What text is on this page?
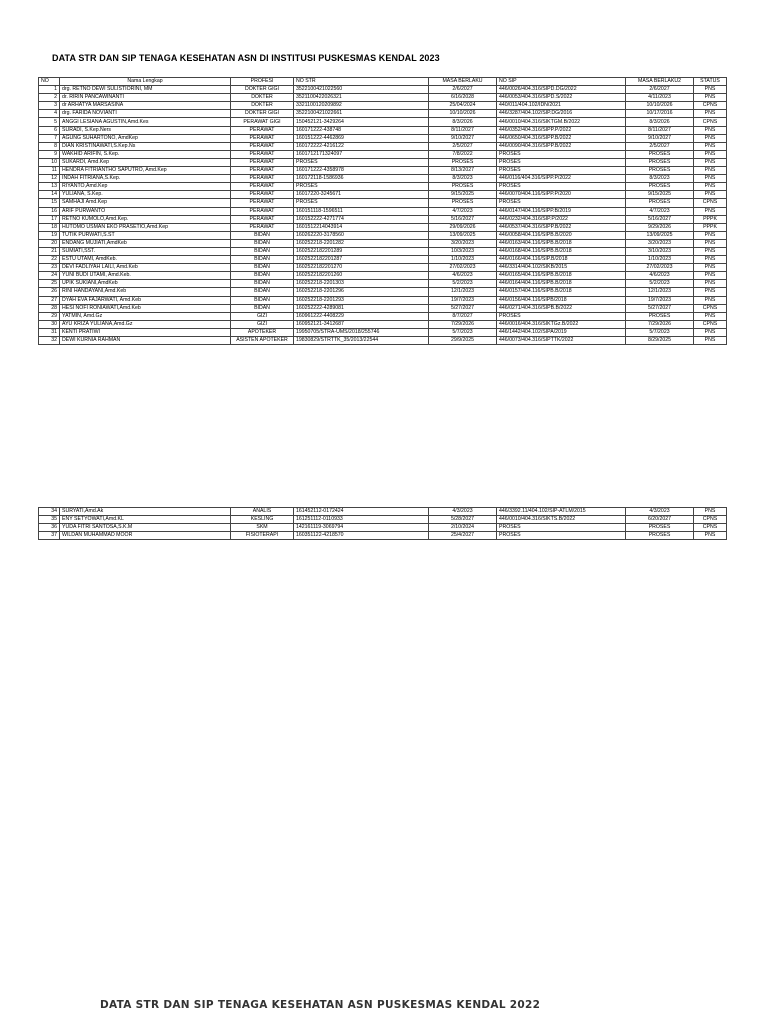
DATA STR DAN SIP TENAGA KESEHATAN ASN DI INSTITUSI PUSKESMAS KENDAL 2023
NO	Nama Lengkap	PROFESI	NO STR	MASA BERLAKU	NO SIP	MASA BERLAKU2	STATUS
1	drg. RETNO DEWI SULISTIORINI, MM	DOKTER GIGI	3522100421022560	2/6/2027	446/0026/404.316/SIPD.DG/2022	2/6/2027	PNS
2	dr. RIRIN PANCAWINANTI	DOKTER	3521100422026321	6/16/2028	446/0053/404.316/SIPD.S/2022	4/11/2023	PNS
3	dr ARHATYA MARSASINA	DOKTER	3321100120209892	25/04/2024	440/011/404.102/IDN/2021	10/10/2026	CPNS
4	drg. FARIDA NOVIANTI	DOKTER GIGI	3522100421022661	10/10/2026	446/3287/404.102/SIP.DG/2016	10/17/2016	PNS
5	ANGGI LESIANA AGUSTIN,Amd.Kes	PERAWAT GIGI	150452121-3429264	8/3/2026	446/0010/404.316/SIKTGM.B/2022	8/3/2026	CPNS
6	SURADI, S.Kep.Ners	PERAWAT	160171222-438748	8/11/2027	446/0352/404.316/SIPP.P/2022	8/11/2027	PNS
7	AGUNG SUHARTONO, AmdKep	PERAWAT	160151222-4462869	9/10/2027	446/0650/404.316/SIPP.B/2022	9/10/2027	PNS
8	DIAN KRISTINAWATI,S.Kep.Ns	PERAWAT	160172222-4216122	2/5/2027	446/0090/404.316/SIPP.B/2022	2/5/2027	PNS
9	WAKHID ARIFIN, S.Kep.	PERAWAT	1601712171324097	7/8/2022	PROSES	PROSES	PNS
10	SUKARDI, Amd.Kep	PERAWAT	PROSES	PROSES	PROSES	PROSES	PNS
11	HENDRA FITRIANTHO SAPUTRO, Amd.Kep	PERAWAT	160171222-4358978	8/13/2027	PROSES	PROSES	PNS
12	INDAH FITRIANA,S.Kep.	PERAWAT	160172118-1586936	8/3/2023	446/0116/404.316/SIPP.P/2022	8/3/2023	PNS
13	RIYANTO,Amd.Kep	PERAWAT	PROSES	PROSES	PROSES	PROSES	PNS
14	YULIANA, S.Kep.	PERAWAT	16017220-3245671	9/15/2025	446/0070/404.116/SIPP.P/2020	9/15/2025	PNS
15	SAMHAJI Amd.Kep	PERAWAT	PROSES	PROSES	PROSES	PROSES	CPNS
16	ARIF PURWANTO	PERAWAT	160151118-1596511	4/7/2023	446/0147/404.116/SIPP.B/2019	4/7/2023	PNS
17	RETNO KUMOLO,Amd.Kep.	PERAWAT	160152222-4271774	5/16/2027	446/0232/404.316/SIP.P/2022	5/16/2027	PPPK
18	HUTOMO USMAN EKO PRASETIO,Amd.Kep	PERAWAT	1601512214043914	29/09/2026	446/0537/404.316/SIPP.B/2022	9/29/2026	PPPK
19	TUTIK PURWATI,S.ST	BIDAN	160262220-3178560	13/09/2025	446/0058/404.116/SIPB.B/2020	13/09/2025	PNS
20	ENDANG MUJIATI,AmdKeb	BIDAN	160252218-2201282	3/20/2023	446/0163/404.116/SIPB.B/2018	3/20/2023	PNS
21	SUMIATI,SST.	BIDAN	1602522182201289	10/3/2023	446/0168/404.116/SIPB.B/2018	3/10/2023	PNS
22	ESTU UTAMI, AmdKeb.	BIDAN	1602522182201287	1/10/2023	446/0166/404.116/SIP.B/2018	1/10/2023	PNS
23	DEVI FADLIYAH LAILI, Amd.Keb	BIDAN	1602522182201270	27/02/2023	446/3314/404.102/SIKB/2015	27/02/2023	PNS
24	YUNI BUDI UTAMI, Amd.Keb.	BIDAN	1602522182201260	4/6/2023	446/0165/404.116/SIPB.B/2018	4/6/2023	PNS
25	UPIK SUKIANI,AmdKeb	BIDAN	160252218-2201303	5/2/2023	446/0164/404.116/SIPB.B/2018	5/2/2023	PNS
26	RINI HANDAYANI,Amd.Keb	BIDAN	160252218-2201296	12/1/2023	446/0157/404.116/SIPB.B/2018	12/1/2023	PNS
27	DYAH EVA FAJARWATI, Amd.Keb	BIDAN	160252218-2201293	19/7/2023	446/0156/404.116/SIPB/2018	19/7/2023	PNS
28	HESI NOFI RONIAWATI,Amd.Keb	BIDAN	160252222-4289081	5/27/2027	446/0271/404.316/SIPB.B/2022	5/27/2027	CPNS
29	YATMIN, Amd.Gz	GIZI	160961222-4408229	8/7/2027	PROSES	PROSES	PNS
30	AYU KRIZA YULIANA,Amd.Gz	GIZI	160952121-3412687	7/29/2026	446/0016/404.316/SIKTGz.B/2022	7/29/2026	CPNS
31	KENTI PRATIWI	APOTEKER	19950705/STRA-UMS/2018/255746	5/7/2023	446/1442/404.102/SIPA/2019	5/7/2023	PNS
32	DEWI KURNIA RAHMAN	ASISTEN APOTEKER	19830829/STRTTK_35/2013/22544	29/9/2025	446/0073/404.316/SIPTTK/2022	8/29/2025	PNS
34	SURYATI,Amd.Ak	ANALIS	161452112-0172424	4/3/2023	446/3392.11/404.102/SIP-ATLM/2015	4/3/2023	PNS
35	ENY SETYOWATI,Amd.KL	KESLING	161251112-0110933	5/28/2027	446/0010/404.316/SIKTS.B/2022	6/20/2027	CPNS
36	YUDA FITRI SANTOSA,S.K.M	SKM	142161119-3069794	2/10/2024	PROSES	PROSES	CPNS
37	WILDAN MUHAMMAD MOOR	FISIOTERAPI	160351122-4218570	25/4/2027	PROSES	PROSES	PNS
DATA STR DAN SIP TENAGA KESEHATAN ASN PUSKESMAS KENDAL 2022
